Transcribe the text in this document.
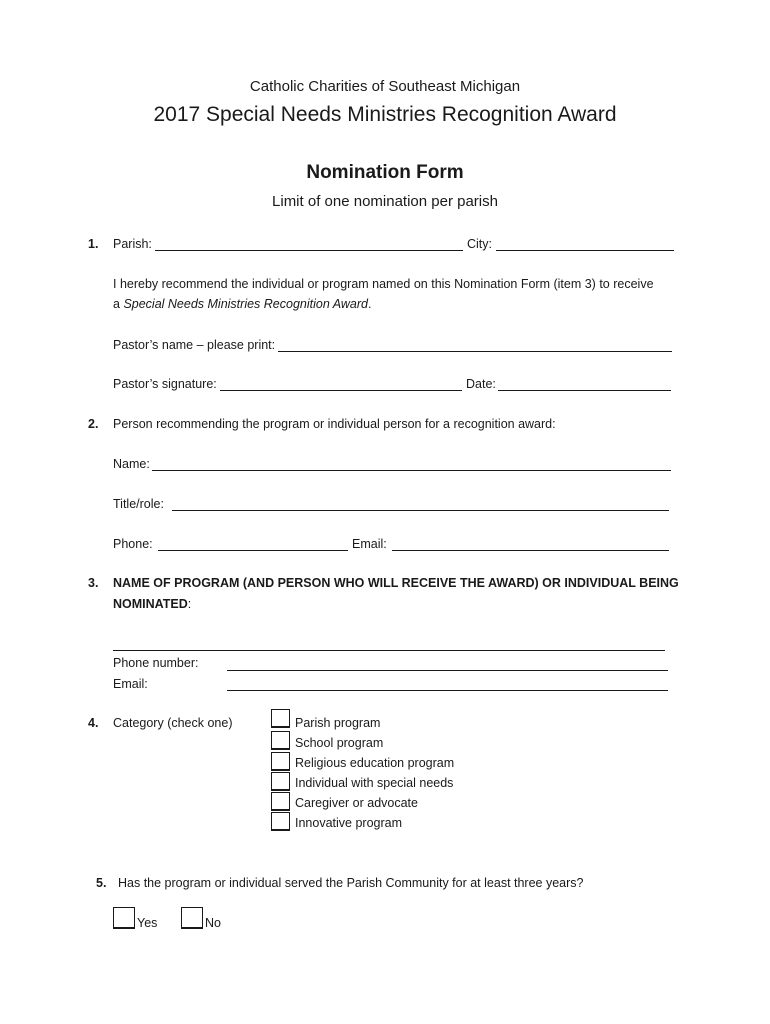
Catholic Charities of Southeast Michigan
2017 Special Needs Ministries Recognition Award
Nomination Form
Limit of one nomination per parish
1. Parish:	City:
I hereby recommend the individual or program named on this Nomination Form (item 3) to receive
a Special Needs Ministries Recognition Award.
Pastor’s name – please print:
Pastor’s signature:	Date:
2. Person recommending the program or individual person for a recognition award:
Name:
Title/role:
Phone:	Email:
3. NAME OF PROGRAM (AND PERSON WHO WILL RECEIVE THE AWARD) OR INDIVIDUAL BEING
NOMINATED:
Phone number:
Email:
4. Category (check one)	Parish program
School program
Religious education program
Individual with special needs
Caregiver or advocate
Innovative program
5. Has the program or individual served the Parish Community for at least three years?
Yes	No
